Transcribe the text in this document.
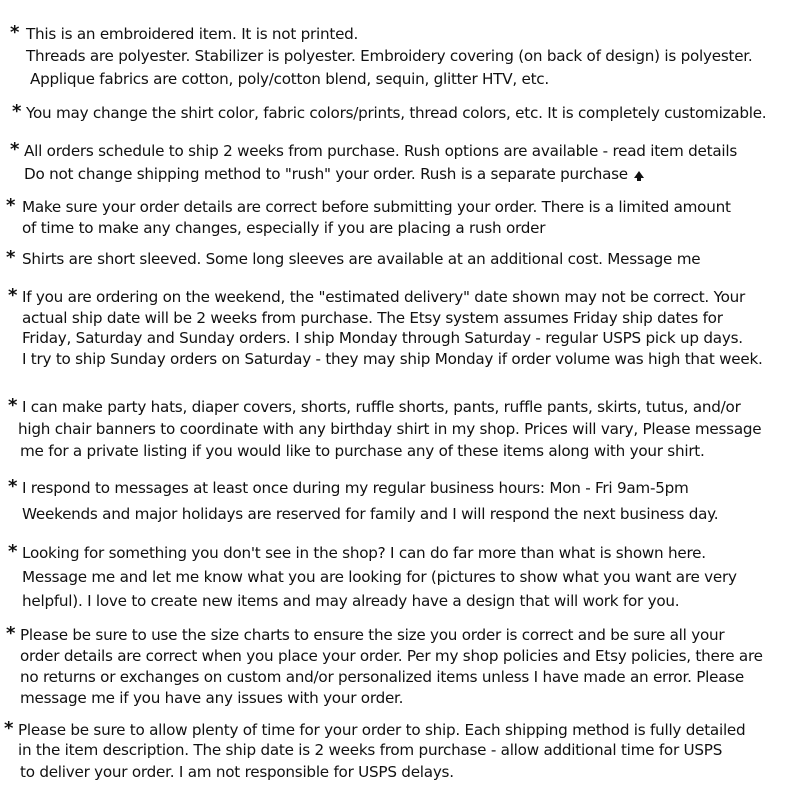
* This is an embroidered item. It is not printed.
Threads are polyester. Stabilizer is polyester. Embroidery covering (on back of design) is polyester.
Applique fabrics are cotton, poly/cotton blend, sequin, glitter HTV, etc.
* You may change the shirt color, fabric colors/prints, thread colors, etc. It is completely customizable.
* All orders schedule to ship 2 weeks from purchase. Rush options are available - read item details
Do not change shipping method to "rush" your order. Rush is a separate purchase
* Make sure your order details are correct before submitting your order. There is a limited amount
of time to make any changes, especially if you are placing a rush order
* Shirts are short sleeved. Some long sleeves are available at an additional cost. Message me
* If you are ordering on the weekend, the "estimated delivery" date shown may not be correct. Your
actual ship date will be 2 weeks from purchase. The Etsy system assumes Friday ship dates for
Friday, Saturday and Sunday orders. I ship Monday through Saturday - regular USPS pick up days.
I try to ship Sunday orders on Saturday - they may ship Monday if order volume was high that week.
* I can make party hats, diaper covers, shorts, ruffle shorts, pants, ruffle pants, skirts, tutus, and/or
high chair banners to coordinate with any birthday shirt in my shop. Prices will vary, Please message
me for a private listing if you would like to purchase any of these items along with your shirt.
* I respond to messages at least once during my regular business hours: Mon - Fri 9am-5pm
Weekends and major holidays are reserved for family and I will respond the next business day.
* Looking for something you don't see in the shop? I can do far more than what is shown here.
Message me and let me know what you are looking for (pictures to show what you want are very
helpful). I love to create new items and may already have a design that will work for you.
* Please be sure to use the size charts to ensure the size you order is correct and be sure all your
order details are correct when you place your order. Per my shop policies and Etsy policies, there are
no returns or exchanges on custom and/or personalized items unless I have made an error. Please
message me if you have any issues with your order.
* Please be sure to allow plenty of time for your order to ship. Each shipping method is fully detailed
in the item description. The ship date is 2 weeks from purchase - allow additional time for USPS
to deliver your order. I am not responsible for USPS delays.
